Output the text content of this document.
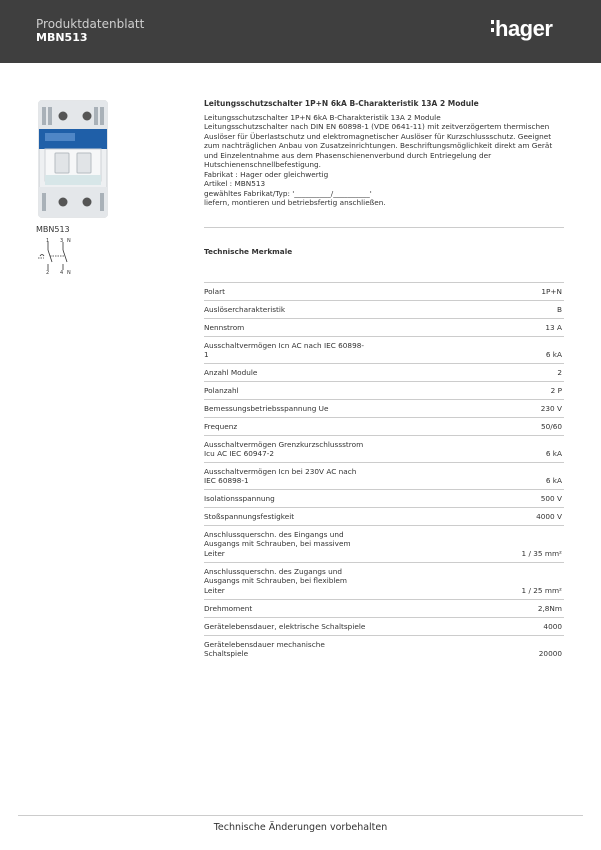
Produktdatenblatt
MBN513	hager
MBN513
1 3 N
2 4 N
Leitungsschutzschalter 1P+N 6kA B-Charakteristik 13A 2 Module
Leitungsschutzschalter 1P+N 6kA B-Charakteristik 13A 2 Module
Leitungsschutzschalter nach DIN EN 60898-1 (VDE 0641-11) mit zeitverzögertem thermischen
Auslöser für Überlastschutz und elektromagnetischer Auslöser für Kurzschlussschutz. Geeignet
zum nachträglichen Anbau von Zusatzeinrichtungen. Beschriftungsmöglichkeit direkt am Gerät
und Einzelentnahme aus dem Phasenschienenverbund durch Entriegelung der
Hutschienenschnellbefestigung.
Fabrikat : Hager oder gleichwertig
Artikel : MBN513
gewähltes Fabrikat/Typ: '__________/__________'
liefern, montieren und betriebsfertig anschließen.
Technische Merkmale
Polart	1P+N
Auslösercharakteristik	B
Nennstrom	13 A
Ausschaltvermögen Icn AC nach IEC 60898-
1	6 kA
Anzahl Module	2
Polanzahl	2 P
Bemessungsbetriebsspannung Ue	230 V
Frequenz	50/60
Ausschaltvermögen Grenzkurzschlussstrom
Icu AC IEC 60947-2	6 kA
Ausschaltvermögen Icn bei 230V AC nach
IEC 60898-1	6 kA
Isolationsspannung	500 V
Stoßspannungsfestigkeit	4000 V
Anschlussquerschn. des Eingangs und
Ausgangs mit Schrauben, bei massivem
Leiter	1 / 35 mm²
Anschlussquerschn. des Zugangs und
Ausgangs mit Schrauben, bei flexiblem
Leiter	1 / 25 mm²
Drehmoment	2,8Nm
Gerätelebensdauer, elektrische Schaltspiele	4000
Gerätelebensdauer mechanische
Schaltspiele	20000
Technische Änderungen vorbehalten
